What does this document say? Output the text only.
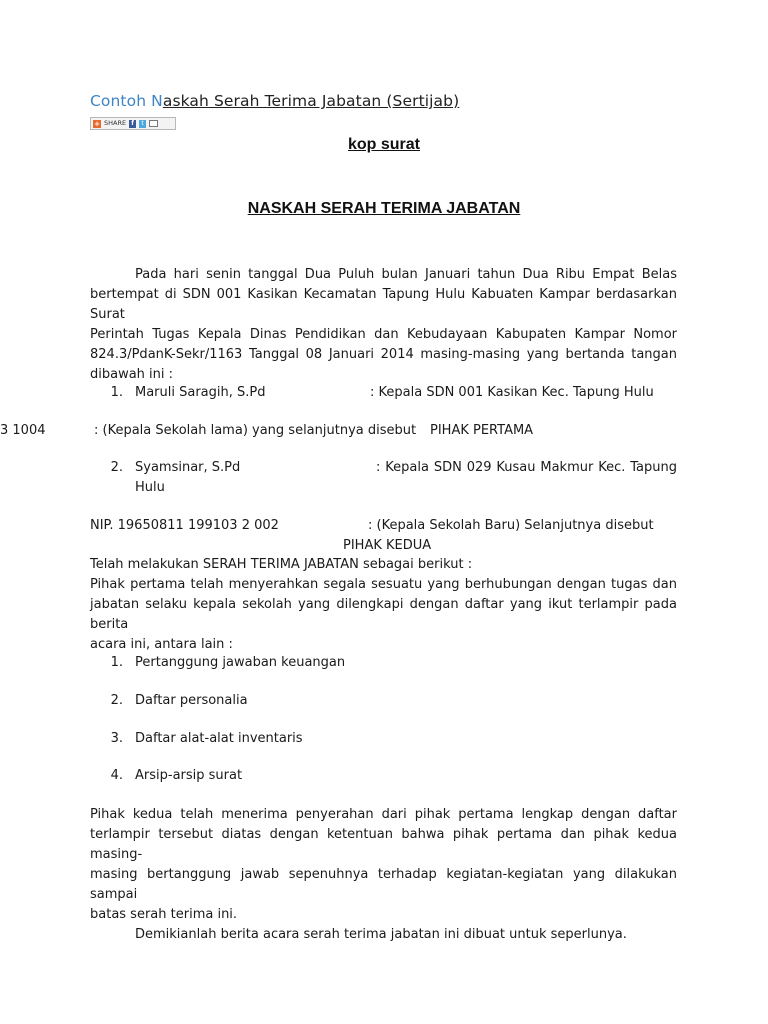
Contoh Naskah Serah Terima Jabatan (Sertijab)
+ SHARE f	t
kop surat
NASKAH SERAH TERIMA JABATAN
Pada hari senin tanggal Dua Puluh bulan Januari tahun Dua Ribu Empat Belas
bertempat di SDN 001 Kasikan Kecamatan Tapung Hulu Kabuaten Kampar berdasarkan Surat
Perintah Tugas Kepala Dinas Pendidikan dan Kebudayaan Kabupaten Kampar Nomor
824.3/PdanK-Sekr/1163 Tanggal 08 Januari 2014 masing-masing yang bertanda tangan
dibawah ini :
1. Maruli Saragih, S.Pd	: Kepala SDN 001 Kasikan Kec. Tapung Hulu
3 1004	: (Kepala Sekolah lama) yang selanjutnya disebut PIHAK PERTAMA
2. Syamsinar, S.Pd	: Kepala SDN 029 Kusau Makmur Kec. Tapung
Hulu
NIP. 19650811 199103 2 002	: (Kepala Sekolah Baru) Selanjutnya disebut
PIHAK KEDUA
Telah melakukan SERAH TERIMA JABATAN sebagai berikut :
Pihak pertama telah menyerahkan segala sesuatu yang berhubungan dengan tugas dan
jabatan selaku kepala sekolah yang dilengkapi dengan daftar yang ikut terlampir pada berita
acara ini, antara lain :
1. Pertanggung jawaban keuangan
2. Daftar personalia
3. Daftar alat-alat inventaris
4. Arsip-arsip surat
Pihak kedua telah menerima penyerahan dari pihak pertama lengkap dengan daftar
terlampir tersebut diatas dengan ketentuan bahwa pihak pertama dan pihak kedua masing-
masing bertanggung jawab sepenuhnya terhadap kegiatan-kegiatan yang dilakukan sampai
batas serah terima ini.
Demikianlah berita acara serah terima jabatan ini dibuat untuk seperlunya.
